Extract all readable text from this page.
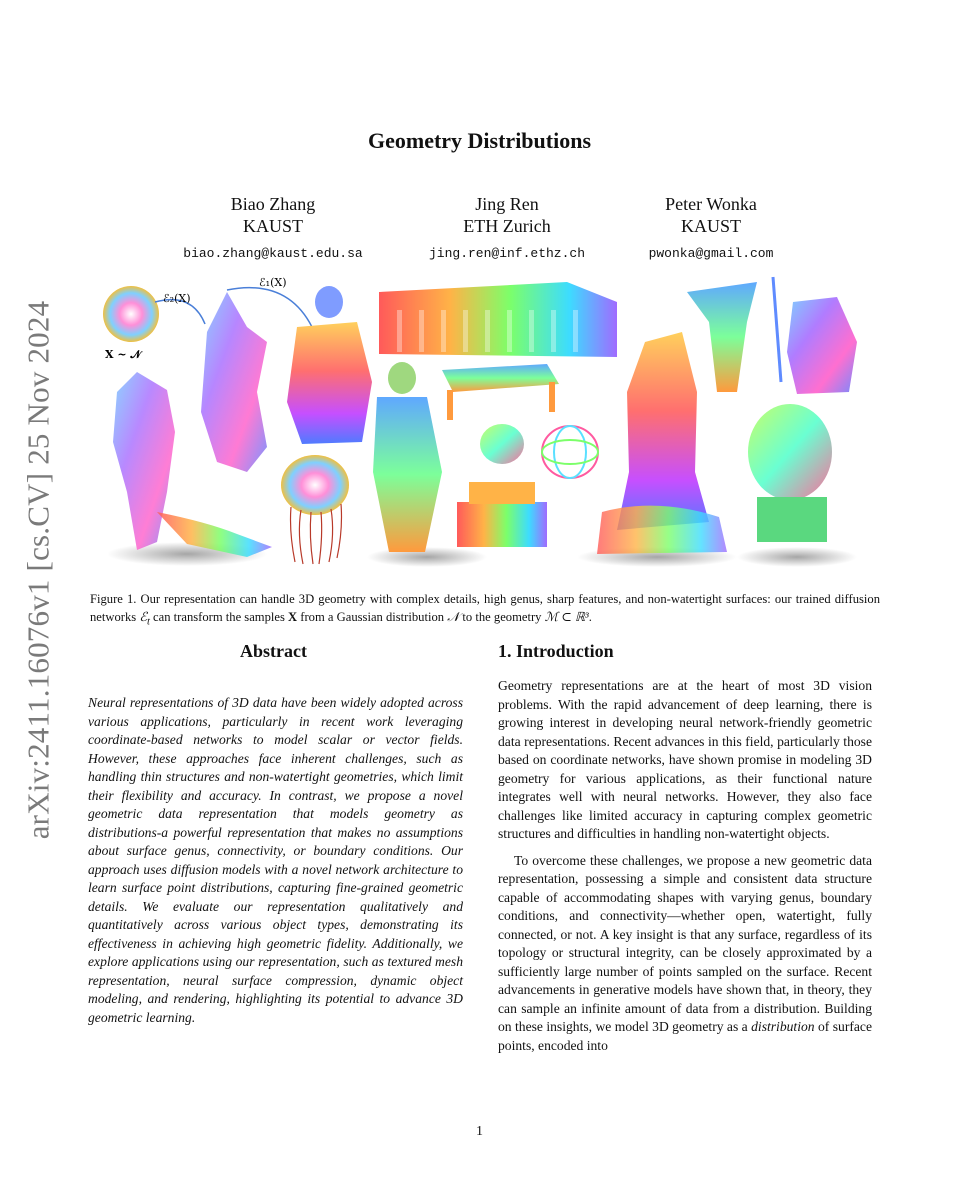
arXiv:2411.16076v1 [cs.CV] 25 Nov 2024
Geometry Distributions
Biao Zhang
KAUST
biao.zhang@kaust.edu.sa
Jing Ren
ETH Zurich
jing.ren@inf.ethz.ch
Peter Wonka
KAUST
pwonka@gmail.com
ℰ₂(X)
ℰ₁(X)
X ~ 𝒩
Figure 1. Our representation can handle 3D geometry with complex details, high genus, sharp features, and non-watertight surfaces: our trained diffusion networks ℰ$_t$ can transform the samples X from a Gaussian distribution 𝒩 to the geometry ℳ ⊂ ℝ³.
Abstract
Neural representations of 3D data have been widely adopted across various applications, particularly in recent work leveraging coordinate-based networks to model scalar or vector fields. However, these approaches face inherent challenges, such as handling thin structures and non-watertight geometries, which limit their flexibility and accuracy. In contrast, we propose a novel geometric data representation that models geometry as distributions-a powerful representation that makes no assumptions about surface genus, connectivity, or boundary conditions. Our approach uses diffusion models with a novel network architecture to learn surface point distributions, capturing fine-grained geometric details. We evaluate our representation qualitatively and quantitatively across various object types, demonstrating its effectiveness in achieving high geometric fidelity. Additionally, we explore applications using our representation, such as textured mesh representation, neural surface compression, dynamic object modeling, and rendering, highlighting its potential to advance 3D geometric learning.
1. Introduction

Geometry representations are at the heart of most 3D vision problems. With the rapid advancement of deep learning, there is growing interest in developing neural network-friendly geometric data representations. Recent advances in this field, particularly those based on coordinate networks, have shown promise in modeling 3D geometry for various applications, as their functional nature integrates well with neural networks. However, they also face challenges like limited accuracy in capturing complex geometric structures and difficulties in handling non-watertight objects.

To overcome these challenges, we propose a new geometric data representation, possessing a simple and consistent data structure capable of accommodating shapes with varying genus, boundary conditions, and connectivity—whether open, watertight, fully connected, or not. A key insight is that any surface, regardless of its topology or structural integrity, can be closely approximated by a sufficiently large number of points sampled on the surface. Recent advancements in generative models have shown that, in theory, they can sample an infinite amount of data from a distribution. Building on these insights, we model 3D geometry as a distribution of surface points, encoded into

1
